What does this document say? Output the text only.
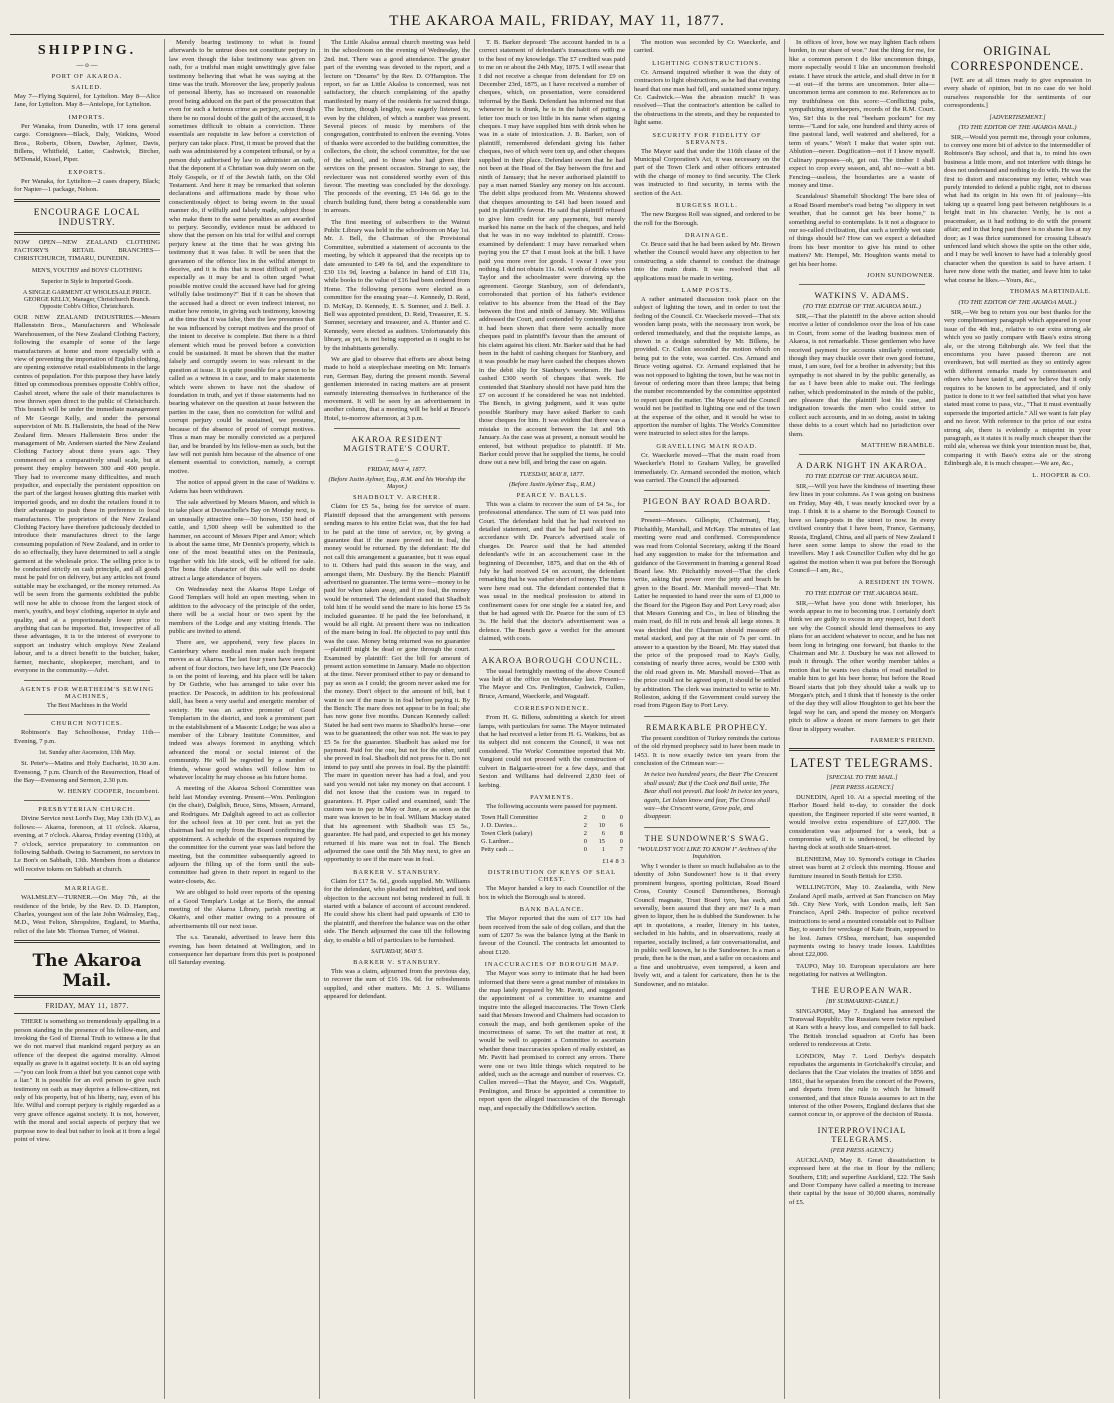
THE AKAROA MAIL, FRIDAY, MAY 11, 1877.
SHIPPING.
— o —
PORT OF AKAROA.
SAILED.

May 7—Flying Squirrel, for Lyttelton. May 8—Alice Jane, for Lyttelton. May 8—Antelope, for Lyttelton.

IMPORTS.

Per Wanaka, from Dunedin, with 17 tons general cargo. Consignees—Black, Daly, Watkins, Wood Bros., Roberts, Oborn, Dawber, Aylmer, Davis, Billens, Whitfield, Latter, Cashwick, Bircher, M'Donald, Kissel, Piper.

EXPORTS.

Per Wanaka, for Lyttelton—2 cases drapery, Black; for Napier—1 package, Nelson.

ENCOURAGE LOCAL INDUSTRY.

NOW OPEN—NEW ZEALAND CLOTHING FACTORY'S RETAIL BRANCHES—CHRISTCHURCH, TIMARU, DUNEDIN.

MEN'S, YOUTHS' and BOYS' CLOTHING
Superior in Style to Imported Goods.
A SINGLE GARMENT AT WHOLESALE PRICE. GEORGE KELLY, Manager, Christchurch Branch. Opposite Cobb's Office, Christchurch.

OUR NEW ZEALAND INDUSTRIES.—Messrs Hallenstein Bros., Manufacturers and Wholesale Warehousemen, of the New Zealand Clothing Factory, following the example of some of the large manufacturers at home and more especially with a view of preventing the importation of English clothing, are opening extensive retail establishments in the large centres of population. For this purpose they have lately fitted up commodious premises opposite Cobb's office, Cashel street, where the sale of their manufactures is now thrown open direct to the public of Christchurch. This branch will be under the immediate management of Mr George Kelly, and under the personal supervision of Mr. B. Hallenstein, the head of the New Zealand firm. Messrs Hallenstein Bros under the management of Mr. Andersen started the New Zealand Clothing Factory about three years ago. They commenced on a comparatively small scale, but at present they employ between 300 and 400 people. They had to overcome many difficulties, and much prejudice, and especially the persistent opposition on the part of the largest houses glutting this market with imported goods, and no doubt the retailers found it to their advantage to push these in preference to local manufactures. The proprietors of the New Zealand Clothing Factory have therefore judiciously decided to introduce their manufactures direct to the large consuming population of New Zealand, and in order to do so effectually, they have determined to sell a single garment at the wholesale price. The selling price is to be conducted strictly on cash principle, and all goods must be paid for on delivery, but any articles not found suitable may be exchanged, or the money returned. As will be seen from the garments exhibited the public will now be able to choose from the largest stock of men's, youth's, and boys' clothing, superior in style and quality, and at a proportionately lower price to anything that can be imported. But, irrespective of all these advantages, it is to the interest of everyone to support an industry which employs New Zealand labour, and is a direct benefit to the butcher, baker, farmer, mechanic, shopkeeper, merchant, and to everyone in the community.—Advt.

AGENTS FOR WERTHEIM'S SEWING MACHINES,
The Best Machines in the World
CHURCH NOTICES.

Robinson's Bay Schoolhouse, Friday 11th—Evening, 7 p.m.

1st. Sunday after Ascension, 13th May.

St. Peter's—Matins and Holy Eucharist, 10.30 a.m. Evensong, 7 p.m. Church of the Resurrection, Head of the Bay—Evensong and Sermon, 2.30 p.m.

W. HENRY COOPER, Incumbent.
PRESBYTERIAN CHURCH.

Divine Service next Lord's Day, May 13th (D.V.), as follows:— Akaroa, forenoon, at 11 o'clock. Akaroa, evening, at 7 o'clock. Akaroa, Friday evening (11th), at 7 o'clock, service preparatory to communion on following Sabbath. Owing to Sacrament, no services in Le Bon's on Sabbath, 13th. Members from a distance will receive tokens on Sabbath at church.

MARRIAGE.

WALMSLEY—TURNER.—On May 7th, at the residence of the bride, by the Rev. D. D. Hampton, Charles, youngest son of the late John Walmsley, Esq., M.D., West Felton, Shropshire, England, to Martha, relict of the late Mr. Thomas Turner, of Wainui.

The Akaroa Mail.
FRIDAY, MAY 11, 1877.

THERE is something so tremendously appalling in a person standing in the presence of his fellow-men, and invoking the God of Eternal Truth to witness a lie that we do not marvel that mankind regard perjury as an offence of the deepest die against morality. Almost equally as grave is it against society. It is an old saying—"you can look from a thief but you cannot cope with a liar." It is possible for an evil person to give such testimony on oath as may deprive a fellow-citizen, not only of his property, but of his liberty, nay, even of his life. Wilful and corrupt perjury is rightly regarded as a very grave offence against society. It is not, however, with the moral and social aspects of perjury that we purpose now to deal but rather to look at it from a legal point of view.

Merely bearing testimony to what is found afterwards to be untrue does not constitute perjury in law even though the false testimony was given on oath, for a truthful man might unwittingly give false testimony believing that what he was saying at the time was the truth. Moreover the law, properly jealous of personal liberty, has so increased on reasonable proof being adduced on the part of the prosecution that even for such a heinous crime as perjury, even though there be no moral doubt of the guilt of the accused, it is sometimes difficult to obtain a conviction. Three essentials are requisite in law before a conviction of perjury can take place. First, it must be proved that the oath was administered by a competent tribunal, or by a person duly authorised by law to administer an oath, that the deponent if a Christian was duly sworn on the Holy Gospels, or if of the Jewish faith, on the Old Testament. And here it may be remarked that solemn declarations and affirmations made by those who conscientiously object to being sworn in the usual manner do, if wilfully and falsely made, subject those who make them to the same penalties as are awarded to perjury. Secondly, evidence must be adduced to show that the person on his trial for wilful and corrupt perjury knew at the time that he was giving his testimony that it was false. It will be seen that the gravamen of the offence lies in the wilful attempt to deceive, and it is this that is most difficult of proof, especially as it may be and is often urged "what possible motive could the accused have had for giving wilfully false testimony?" But if it can be shown that the accused had a direct or even indirect interest, no matter how remote, in giving such testimony, knowing at the time that it was false, then the law presumes that he was influenced by corrupt motives and the proof of the intent to deceive is complete. But there is a third element which must be proved before a conviction could be sustained. It must be shown that the matter falsely and corruptly sworn to was relevant to the question at issue. It is quite possible for a person to be called as a witness in a case, and to make statements which were shown to have not the shadow of foundation in truth, and yet if those statements had no bearing whatever on the question at issue between the parties in the case, then no conviction for wilful and corrupt perjury could be sustained, we presume, because of the absence of proof of corrupt motives. Thus a man may be morally convicted as a perjured liar, and be branded by his fellow-men as such, but the law will not punish him because of the absence of one element essential to conviction, namely, a corrupt motive.

The notice of appeal given in the case of Watkins v. Adams has been withdrawn.

The sale advertised by Messrs Mason, and which is to take place at Duvauchelle's Bay on Monday next, is an unusually attractive one—30 horses, 150 head of cattle, and 1,500 sheep will be submitted to the hammer, on account of Messrs Piper and Amor; which is about the same time, Mr Dennis's property, which is one of the most beautiful sites on the Peninsula, together with his life stock, will be offered for sale. The bona fide character of this sale will no doubt attract a large attendance of buyers.

On Wednesday next the Akaroa Hope Lodge of Good Templars will hold an open meeting, when in addition to the advocacy of the principle of the order, there will be a social hour or two spent by the members of the Lodge and any visiting friends. The public are invited to attend.

There are, we apprehend, very few places in Canterbury where medical men make such frequent moves as at Akaroa. The last four years have seen the advent of four doctors, two have left, one (Dr Peacock) is on the point of leaving, and his place will be taken by Dr Guthrie, who has arranged to take over his practice. Dr Peacock, in addition to his professional skill, has been a very useful and energetic member of society. He was an active promoter of Good Templarism in the district, and took a prominent part in the establishment of a Masonic Lodge; he was also a member of the Library Institute Committee, and indeed was always foremost in anything which advanced the moral or social interest of the community. He will be regretted by a number of friends, whose good wishes will follow him to whatever locality he may choose as his future home.

A meeting of the Akaroa School Committee was held last Monday evening. Present—Wm. Penlington (in the chair), Dalglish, Bruce, Sims, Missen, Armand, and Rodrigues. Mr Dalglish agreed to act as collector for the school fees at 10 per cent. but as yet the chairman had no reply from the Board confirming the appointment. A schedule of the expenses required by the committee for the current year was laid before the meeting, but the committee subsequently agreed to adjourn the filling up of the form until the sub-committee had given in their report in regard to the water-closets, &c.

We are obliged to hold over reports of the opening of a Good Templar's Lodge at Le Bon's, the annual meeting of the Akaroa Library, parish meeting at Okain's, and other matter owing to a pressure of advertisements till our next issue.

The s.s. Taranaki, advertised to leave here this evening, has been detained at Wellington, and in consequence her departure from this port is postponed till Saturday evening.

The Little Akaloa annual church meeting was held in the schoolroom on the evening of Wednesday, the 2nd. inst. There was a good attendance. The greater part of the evening was devoted to the report, and a lecture on "Dreams" by the Rev. D. O'Hampton. The report, so far as Little Akaloa is concerned, was not satisfactory, the church complaining of the apathy manifested by many of the residents for sacred things. The lecture, though lengthy, was eagerly listened to, even by the children, of which a number was present. Several pieces of music by members of the congregation, contributed to enliven the evening. Votes of thanks were accorded to the building committee, the collectors, the choir, the school committee, for the use of the school, and to those who had given their services on the present occasion. Strange to say, the revlecturer was not considered worthy even of this favour. The meeting was concluded by the doxology. The proceeds of the evening, £5 14s 6d. go to the church building fund, there being a considerable sum in arrears.

The first meeting of subscribers to the Wainui Public Library was held in the schoolroom on May 1st. Mr. J. Bell, the Chairman of the Provisional Committee, submitted a statement of accounts to the meeting, by which it appeared that the receipts up to date amounted to £49 6s 6d, and the expenditure to £30 11s 9d, leaving a balance in hand of £18 11s, while books to the value of £16 had been ordered from Home. The following persons were elected as a committee for the ensuing year—J. Kennedy, D. Reid, D. McKay, D. Kennedy, E. S. Sumner, and J. Bell. J. Bell was appointed president, D. Reid, Treasurer, E. S. Sumner, secretary and treasurer, and A. Hunter and C. Kennedy, were elected as auditors. Unfortunately this library, as yet, is not being supported as it ought to be by the inhabitants generally.

We are glad to observe that efforts are about being made to hold a steeplechase meeting on Mr. Inman's run, German Bay, during the present month. Several gentlemen interested in racing matters are at present earnestly interesting themselves in furtherance of the movement. It will be seen by an advertisement in another column, that a meeting will be held at Bruce's Hotel, to-morrow afternoon, at 3 p.m.

AKAROA RESIDENT MAGISTRATE'S COURT.
— o —
FRIDAY, MAY 4, 1877.
(Before Justin Aylmer, Esq., R.M. and his Worship the Mayor.)
SHADBOLT V. ARCHER.

Claim for £5 5s., being fee for service of mare. Plaintiff deposed that the arrangement with persons sending mares to his entire Eclat was, that the fee had to be paid at the time of service, or, by giving a guarantee that if the mare proved not in foal, the money would be returned. By the defendant: He did not call this arrangement a guarantee, but it was equal to it. Others had paid this season in the way, and amongst them, Mr. Duxbury. By the Bench: Plaintiff advertised no guarantee. The terms were—money to be paid for when taken away, and if no foal, the money would be returned. The defendant stated that Shadbolt told him if he would send the mare to his horse £5 5s included guarantee. If he paid the fee beforehand, it would be all right. At present there was no indication of the mare being in foal. He objected to pay until this was the case. Money being returned was no guarantee—plaintiff might be dead or gone through the court. Examined by plaintiff: Got the bill for amount of present action sometime in January. Made no objection at the time. Never promised either to pay or demand to pay as soon as I could; the groom never asked me for the money. Don't object to the amount of bill, but I want to see if the mare is in foal before paying it. By the Bench: The mare does not appear to be in foal; she has now gone five months. Duncan Kennedy called: Stated he had sent two mares to Shadbolt's horse—one was to be guaranteed; the other was not. He was to pay £5 5s for the guarantee. Shadbolt has asked me for payment. Paid for the one, but not for the other, until she proved in foal. Shadbolt did not press for it. Do not intend to pay until she proves in foal. By the plaintiff: The mare in question never has had a foal, and you said you would not take my money on that account. I did not know that the custom was in regard to guarantees. H. Piper called and examined, said: The custom was to pay in May or June, or as soon as the mare was known to be in foal. William Mackay stated that his agreement with Shadbolt was £5 5s., guarantee. He had paid, and expected to get his money returned if his mare was not in foal. The Bench adjourned the case until the 5th May next, to give an opportunity to see if the mare was in foal.

BARKER V. STANBURY.

Claim for £17 5s. 6d., goods supplied. Mr. Williams for the defendant, who pleaded not indebted, and took objection to the account not being rendered in full. It started with a balance of account of account rendered. He could show his client had paid upwards of £30 to the plaintiff, and therefore the balance was on the other side. The Bench adjourned the case till the following day, to enable a bill of particulars to be furnished.

SATURDAY, MAY 5.
BARKER V. STANBURY.

This was a claim, adjourned from the previous day, to recover the sum of £16 19s. 6d. for refreshments supplied, and other matters. Mr. J. S. Williams appeared for defendant.

T. B. Barker deposed: The account handed in is a correct statement of defendant's transactions with me to the best of my knowledge. The £7 credited was paid to me on or about the 24th May, 1875. I will swear that I did not receive a cheque from defendant for £9 on December 23rd, 1875, as I have received a number of cheques, which, on presentation, were considered informal by the Bank. Defendant has informed me that whenever he is drunk, he is in the habit of putting a letter too much or too little in his name when signing cheques. I may have supplied him with drink when he was in a state of intoxication. J. B. Barker, son of plaintiff, remembered defendant giving his father cheques, two of which were torn up, and other cheques supplied in their place. Defendant sworn that he had not been at the Head of the Bay between the first and ninth of January; that he never authorised plaintiff to pay a man named Stanley any money on his account. The debit slips produced from Mr. Westenra showed that cheques amounting to £41 had been issued and paid in plaintiff's favour. He said that plaintiff refused to give him credit for any payments, but merely marked his name on the back of the cheques, and held that he was in no way indebted to plaintiff. Cross-examined by defendant: I may have remarked when paying you the £7 that I must look at the bill. I have paid you more over for goods. I swear I owe you nothing. I did not obtain 11s. 6d. worth of drinks when Taylor and the schoolmaster were drawing up the agreement. George Stanbury, son of defendant's, corroborated that portion of his father's evidence relative to his absence from the Head of the Bay between the first and ninth of January. Mr. Williams addressed the Court, and contended by contending that it had been shown that there were actually more cheques paid in plaintiff's favour than the amount of his claim against his client. Mr. Barker said that he had been in the habit of cashing cheques for Stanbury, and it was possible he may have cashed the cheques shown in the debit slip for Stanbury's workmen. He had cashed £300 worth of cheques that week. He contended that Stanbury should not have paid him the £7 on account if he considered he was not indebted. The Bench, in giving judgment, said it was quite possible Stanbury may have asked Barker to cash those cheques for him. It was evident that there was a mistake in the account between the 1st and 9th January. As the case was at present, a nonsuit would be entered, but without prejudice to plaintiff. If Mr. Barker could prove that he supplied the items, he could draw out a new bill, and bring the case on again.

TUESDAY, MAY 8, 1877.
(Before Justin Aylmer Esq., R.M.)
PEARCE V. BALLS.

This was a claim to recover the sum of £4 5s., for professional attendance. The sum of £1 was paid into Court. The defendant held that he had received no detailed statement, and that he had paid all fees in accordance with Dr. Pearce's advertised scale of charges. Dr. Pearce said that he had attended defendant's wife in an accouchement case in the beginning of December, 1875, and that on the 4th of July he had received £4 on account, the defendant remarking that he was rather short of money. The items were here read out. The defendant contended that it was usual in the medical profession to attend in confinement cases for one single fee a stated fee, and that he had agreed with Dr. Pearce for the sum of £3 3s. He held that the doctor's advertisement was a defence. The Bench gave a verdict for the amount claimed, with costs.

AKAROA BOROUGH COUNCIL.

The usual fortnightly meeting of the above Council was held at the office on Wednesday last. Present—The Mayor and Crs. Penlington, Cashwick, Cullen, Bruce, Armand, Waeckerle, and Wagstaff.

CORRESPONDENCE.

From H. G. Billens, submitting a sketch for street lamps, with particulars for same. The Mayor intimated that he had received a letter from H. G. Watkins, but as its subject did not concern the Council, it was not considered. The Works' Committee reported that Mr. Vangioni could not proceed with the construction of culvert in Balguerie-street for a few days, and that Sexton and Williams had delivered 2,830 feet of kerbing.

PAYMENTS.

The following accounts were passed for payment.

Town Hall Committee	2	0	0
J. D. Davies...	2	10	6
Town Clerk (salary)	2	6	8
G. Lardner...	0	15	0
Petty cash ...	0	1	7
£14 8 3
DISTRIBUTION OF KEYS OF SEAL CHEST.

The Mayor handed a key to each Councillor of the box in which the Borough seal is stored.

BANK BALANCE.

The Mayor reported that the sum of £17 10s had been received from the sale of dog collars, and that the sum of £207 5s was the balance lying at the Bank in favour of the Council. The contracts let amounted to about £120.

INACCURACIES OF BOROUGH MAP.

The Mayor was sorry to intimate that he had been informed that there were a great number of mistakes in the map lately prepared by Mr. Pavitt, and suggested the appointment of a committee to examine and inquire into the alleged inaccuracies. The Town Clerk said that Messrs Inwood and Chalmers had occasion to consult the map, and both gentlemen spoke of the incorrectness of same. To set the matter at rest, it would be well to appoint a Committee to ascertain whether these inaccuracies spoken of really existed, as Mr. Pavitt had promised to correct any errors. There were one or two little things which required to be added, such as the acreage and number of reserves. Cr. Cullen moved—That the Mayor, and Crs. Wagstaff, Penlington, and Bruce be appointed a committee to report upon the alleged inaccuracies of the Borough map, and especially the Oddfellow's section.

The motion was seconded by Cr. Waeckerle, and carried.

LIGHTING CONSTRUCTIONS.

Cr. Armand inquired whether it was the duty of contractors to light obstructions, as he had that evening heard that one man had fell, and sustained some injury. Cr. Cashwick.—Was the abrasion much? It was resolved—That the contractor's attention be called to the obstructions in the streets, and they be requested to light same.

SECURITY FOR FIDELITY OF SERVANTS.

The Mayor said that under the 116th clause of the Municipal Corporation's Act, it was necessary on the part of the Town Clerk and other officers entrusted with the charge of money to find security. The Clerk was instructed to find security, in terms with the section of the Act.

BURGESS ROLL.

The new Burgess Roll was signed, and ordered to be the roll for the Borough.

DRAINAGE.

Cr. Bruce said that he had been asked by Mr. Brown whether the Council would have any objection to her constructing a side channel to conduct the drainage into the main drain. It was resolved that all applications must be made in writing.

LAMP POSTS.

A rather animated discussion took place on the subject of lighting the town, and in order to test the feeling of the Council. Cr. Waeckerle moved—That six wooden lamp posts, with the necessary iron work, be ordered immediately, and that the requisite lamps, as shown in a design submitted by Mr. Billens, be provided. Cr. Cullen seconded the motion which on being put to the vote, was carried. Crs. Armand and Bruce voting against. Cr. Armand explained that he was not opposed to lighting the town, but he was not in favour of ordering more than three lamps; that being the number recommended by the committee appointed to report upon the matter. The Mayor said the Council would not be justified in lighting one end of the town at the expense of the other, and it would be wise to apportion the number of lights. The Work's Committee were instructed to select sites for the lamps.

GRAVELLING MAIN ROAD.

Cr. Waeckerle moved—That the main road from Waeckerle's Hotel to Graham Valley, be gravelled immediately. Cr. Armand seconded the motion, which was carried. The Council the adjourned.

PIGEON BAY ROAD BOARD.

Present—Messrs. Gillespie, (Chairman), Hay, Pitchaithly, Marshall, and McKay. The minutes of last meeting were read and confirmed. Correspondence was read from Colonial Secretary, asking if the Board had any suggestion to make for the information and guidance of the Government in framing a general Road Board law. Mr. Pitchaithly moved—That the clerk write, asking that power over the jetty and beach be given to the Board. Mr. Marshall moved—That Mr. Latter be requested to hand over the sum of £1,000 to the Board for the Pigeon Bay and Port Levy road; also that Messrs Gunning and Co., in lieu of blinding the main road, do fill in ruts and break all large stones. It was decided that the Chairman should measure off metal stacked, and pay at the rate of 7s per cent. In answer to a question by the Board, Mr. Hay stated that the price of the proposed road to Kay's Gully, consisting of nearly three acres, would be £300 with the old road given in. Mr. Marshall moved—That as the price could not be agreed upon, it should be settled by arbitration. The clerk was instructed to write to Mr. Rolleston, asking if the Government could survey the road from Pigeon Bay to Port Levy.

REMARKABLE PROPHECY.

The present condition of Turkey reminds the curious of the old rhymed prophecy said to have been made in 1453. It is now exactly twice ten years from the conclusion of the Crimean war:—

In twice two hundred years, the Bear The Crescent shall assail; But if the Cock and Bull unite, The Bear shall not prevail. But look! In twice ten years, again, Let Islam know and fear, The Cross shall wax—the Crescent wane, Grow pale, and disappear.
THE SUNDOWNER'S SWAG.
"WOULD'ST YOU LIKE TO KNOW I" Archives of the Inquisition.

Why I wonder is there so much hullabaloo as to the identity of John Sundowner! how is it that every prominent burgess, sporting politician, Road Board Cross, County Council Damonthenes, Borough Council magnate, Trust Board tyro, has each, and severally, been assured that they are me? Is a man given to liquor, then he is dubbed the Sundowner. Is he apt in quotations, a reader, literary in his tastes, secluded in his habits, and in observations, ready at repartee, socially inclined, a fair conversationalist, and in public well known, he is the Sundowner. Is a man a prude, then he is the man, and a tailor on occasions and a fine and unobtrusive, even tempered, a keen and lively wit, and a talent for caricature, then he is the Sundowner, and no mistake.

In offices of love, how we may lighten Each others burden, in our share of woe." Just the thing for me, for like a common person I do like uncommon things, more especially would I like an uncommon freehold estate. I have struck the article, and shall drive in for it—at out—if the terms are uncommon. Inter alia—uncommon terms are common to me. References as to my truthfulness on this score:—Conflicting pubs, sympathizing storekeepers, records of the R.M. Court. Yes, Sir! this is the real "beeham pockum" for my terms—"Land for sale, one hundred and thirty acres of fine pastoral land, well watered and sheltered, for a term of years." Won't I make that water spin out. Ablution—never. Dogification—not if I know myself. Culinary purposes—oh, get out. The timber I shall expect to crop every season, and, ah! no—wait a bit. Fencing—useless, the boundaries are a waste of money and time.

Scandalous! Shameful! Shocking! The bare idea of a Road Board member's road being "so slippery in wet weather, that he cannot get his beer home," is something awful to contemplate. Is it not a disgrace to our so-called civilization, that such a terribly wet state of things should be? How can we expect a defaulted from his beer monitor to give his mind to other matters? Mr. Hempel, Mr. Houghton wants metal to get his beer home.

JOHN SUNDOWNER.
WATKINS V. ADAMS.
(TO THE EDITOR OF THE AKAROA MAIL.)

SIR,—That the plaintiff in the above action should receive a letter of condolence over the loss of his case in Court, from some of the leading business men of Akaroa, is not remarkable. Those gentlemen who have received payment for accounts similarly contracted, though they may chuckle over their own good fortune, must, I am sure, feel for a brother in adversity; but this sympathy is not shared in by the public generally, as far as I have been able to make out. The feelings rather, which predominated in the minds of the public, are pleasure that the plaintiff lost his case, and indignation towards the men who could strive to collect such accounts, and in so doing, assist in taking these debts to a court which had no jurisdiction over them.

MATTHEW BRAMBLE.
A DARK NIGHT IN AKAROA.
TO THE EDITOR OF THE AKAROA MAIL.

SIR,—Will you have the kindness of inserting these few lines in your columns. As I was going on business on Friday, May 4th, I was nearly knocked over by a trap. I think it is a shame to the Borough Council to have so lamp-posts in the street to now. In every civilised country that I have been, France, Germany, Russia, England, China, and all parts of New Zealand I have seen some lamps to show the road to the travellers. May I ask Councillor Cullen why did he go against the motion when it was put before the Borough Council—I am, &c.,

A RESIDENT IN TOWN.
TO THE EDITOR OF THE AKAROA MAIL.

SIR,—What have you done with Interloper, his words appear to me to becoming true. I certainly don't think we are guilty to excess in any respect, but I don't see why the Council should lend themselves to any plans for an accident whatever to occur, and he has not been long in bringing one forward, but thanks to the Chairman and Mr. J. Duxbury he was not allowed to push it through. The other worthy member tables a motion that he wants two chains of road metalled to enable him to get his beer home; but before the Road Board starts that job they should take a walk up to Morgan's pitch, and I think that if honesty is the order of the day they will allow Houghton to get his beer the legal way he can, and spend the money on Morgan's pitch to allow a dozen or more farmers to get their flour in slippery weather.

FARMER'S FRIEND.
LATEST TELEGRAMS.
[SPECIAL TO THE MAIL.]
[PER PRESS AGENCY.]

DUNEDIN, April 10. At a special meeting of the Harbor Board held to-day, to consider the dock question, the Engineer reported if site were wanted, it would involve extra expenditure of £27,000. The consideration was adjourned for a week, but a compromise will, it is understood, be effected by having dock at south side Stuart-street.

BLENHEIM, May 10. Symond's cottage in Charles street was burnt at 2 o'clock this morning. House and furniture insured in South British for £350.

WELLINGTON, May 10. Zealandia, with New Zealand April mails, arrived at San Francisco on May 5th. City New York, with London mails, left San Francisco, April 24th. Inspector of police received instructions to send a mounted constable out to Palliser Bay, to search for wreckage of Kate Brain, supposed to be lost. James O'Shea, merchant, has suspended payments owing to heavy trade losses. Liabilities about £22,000.

TAUPO, May 10. European speculators are here negotiating for natives at Wellington.

THE EUROPEAN WAR.
[BY SUBMARINE-CABLE.]

SINGAPORE, May 7. England has annexed the Transvaal Republic. The Russians were twice repulsed at Kars with a heavy loss, and compelled to fall back. The British ironclad squadron at Corfu has been ordered to rendezvous at Crete.

LONDON, May 7. Lord Derby's despatch repudiates the arguments in Gortchakoff's circular, and declares that the Czar violates the treaties of 1856 and 1861, that he separates from the concert of the Powers, and departs from the rule to which he himself consented, and that since Russia assumes to act in the interest of the other Powers, England declares that she cannot concur in, or approve of the decision of Russia.

INTERPROVINCIAL TELEGRAMS.
(PER PRESS AGENCY.)

AUCKLAND, May 8. Great dissatisfaction is expressed here at the rise in flour by the millers; Southern, £18; and superfine Auckland, £22. The Sash and Door Company have called a meeting to increase their capital by the issue of 30,000 shares, nominally of £5.

ORIGINAL CORRESPONDENCE.

[WE are at all times ready to give expression to every shade of opinion, but in no case do we hold ourselves responsible for the sentiments of our correspondents.]

[ADVERTISEMENT.]
(TO THE EDITOR OF THE AKAROA MAIL.)

SIR,—Would you permit me, through your columns, to convey one more bit of advice to the intermeddler of Robinson's Bay school, and that is, to mind his own business a little more, and not interfere with things he does not understand and nothing to do with. He was the first to distort and misconstrue my letter, which was purely intended to defend a public right, not to discuss what had its origin in his own fit of jealousy—his taking up a quarrel long past between neighbours is a bright trait in his character. Verily, he is not a peacemaker, as it had nothing to do with the present affair; and in that long past there is no shame lies at my door; as I was thrice summoned for crossing Libeau's unfenced land which shows the spite on the other side, and I may be well known to have had a tolerably good character when the question is said to have arisen. I have now done with the matter, and leave him to take what course he likes.—Yours, &c.,

THOMAS MARTINDALE.
(TO THE EDITOR OF THE AKAROA MAIL.)

SIR,—We beg to return you our best thanks for the very complimentary paragraph which appeared in your issue of the 4th inst., relative to our extra strong ale which you so justly compare with Bass's extra strong ale, or the strong Edinburgh ale. We feel that the encomiums you have passed thereon are not overdrawn, but will merited as they so entirely agree with different remarks made by connoisseurs and others who have tasted it, and we believe that it only requires to be known to be appreciated, and if only justice is done to it we feel satisfied that what you have stated must come to pass, viz., "That it must eventually supersede the imported article." All we want is fair play and no favor. With reference to the price of our extra strong ale, there is evidently a misprint in your paragraph, as it states it is really much cheaper than the mild ale, whereas we think your intention must be, that, comparing it with Bass's extra ale or the strong Edinburgh ale, it is much cheaper.—We are, &c.,

L. HOOPER & CO.
